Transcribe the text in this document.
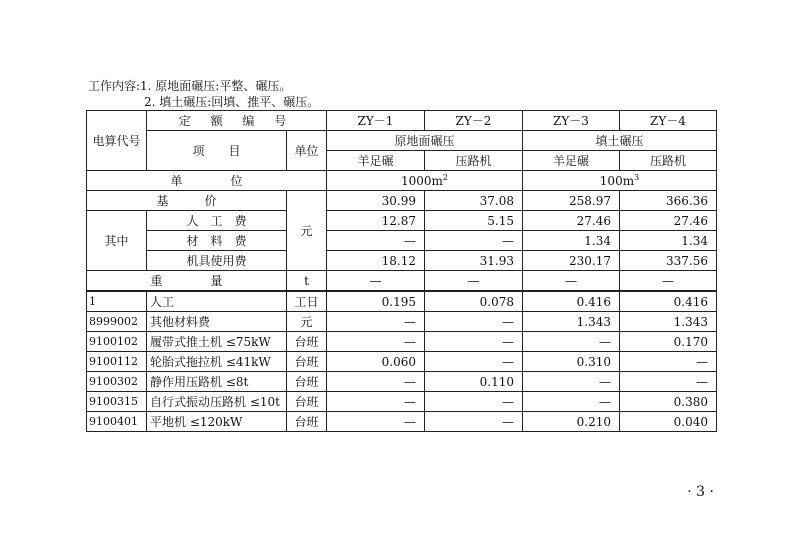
工作内容:1. 原地面碾压:平整、碾压。
2. 填土碾压:回填、推平、碾压。
电算代号	定 额 编 号		ZY－1	ZY－2	ZY－3	ZY－4
	项　　目	单位	原地面碾压		填土碾压	
			羊足碾	压路机	羊足碾	压路机
单　　　　位			$1000m^2$		$100m^3$
基　　　价		元	30.99	37.08	258.97	366.36
其中	人　工　费		12.87	5.15	27.46	27.46
	材　料　费		—	—	1.34	1.34
	机具使用费		18.12	31.93	230.17	337.56
重　　　　量		t	—	—	—	—
1	人工	工日	0.195	0.078	0.416	0.416
8999002	其他材料费	元	—	—	1.343	1.343
9100102	履带式推土机 ≤75kW	台班	—	—	—	0.170
9100112	轮胎式拖拉机 ≤41kW	台班	0.060	—	0.310	—
9100302	静作用压路机 ≤8t	台班	—	0.110	—	—
9100315	自行式振动压路机 ≤10t	台班	—	—	—	0.380
9100401	平地机 ≤120kW	台班	—	—	0.210	0.040
· 3 ·
